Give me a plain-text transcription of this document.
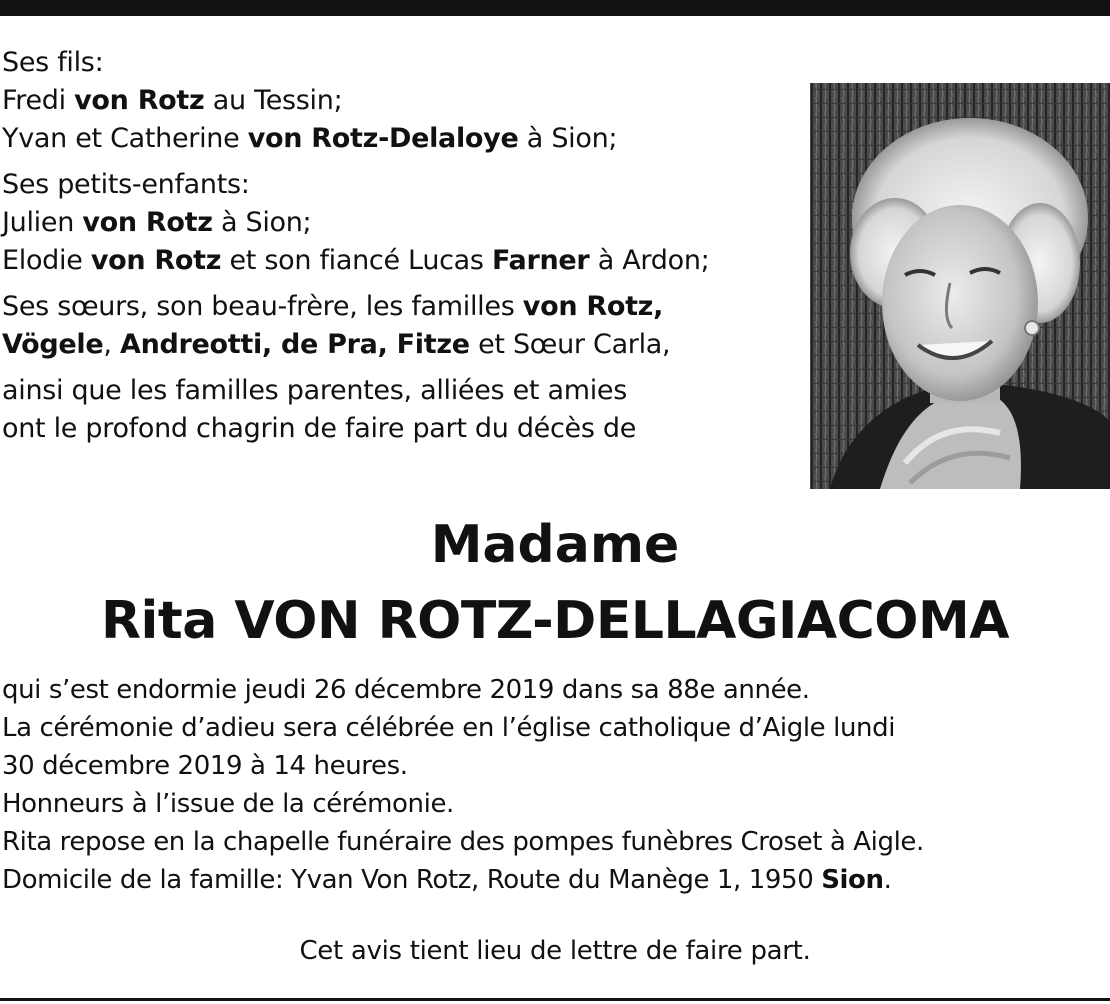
Ses fils:
Fredi von Rotz au Tessin;
Yvan et Catherine von Rotz-Delaloye à Sion;
Ses petits-enfants:
Julien von Rotz à Sion;
Elodie von Rotz et son fiancé Lucas Farner à Ardon;
Ses sœurs, son beau-frère, les familles von Rotz,
Vögele, Andreotti, de Pra, Fitze et Sœur Carla,
ainsi que les familles parentes, alliées et amies
ont le profond chagrin de faire part du décès de
Madame
Rita VON ROTZ-DELLAGIACOMA
qui s’est endormie jeudi 26 décembre 2019 dans sa 88e année.
La cérémonie d’adieu sera célébrée en l’église catholique d’Aigle lundi
30 décembre 2019 à 14 heures.
Honneurs à l’issue de la cérémonie.
Rita repose en la chapelle funéraire des pompes funèbres Croset à Aigle.
Domicile de la famille: Yvan Von Rotz, Route du Manège 1, 1950 Sion.
Cet avis tient lieu de lettre de faire part.
